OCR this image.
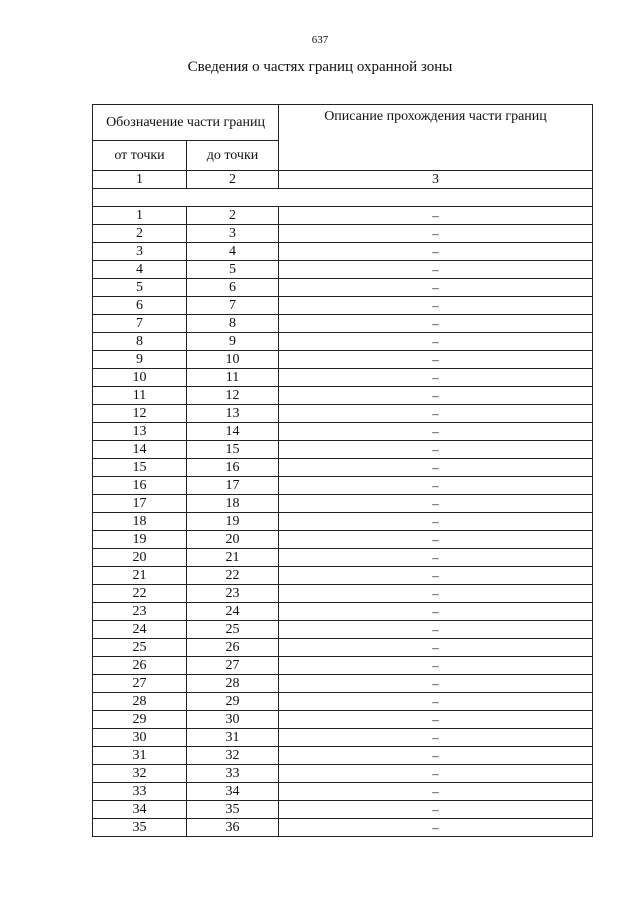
637
Сведения о частях границ охранной зоны
Обозначение части границ		Описание прохождения части границ
от точки	до точки	
1	2	3

1	2	–
2	3	–
3	4	–
4	5	–
5	6	–
6	7	–
7	8	–
8	9	–
9	10	–
10	11	–
11	12	–
12	13	–
13	14	–
14	15	–
15	16	–
16	17	–
17	18	–
18	19	–
19	20	–
20	21	–
21	22	–
22	23	–
23	24	–
24	25	–
25	26	–
26	27	–
27	28	–
28	29	–
29	30	–
30	31	–
31	32	–
32	33	–
33	34	–
34	35	–
35	36	–
